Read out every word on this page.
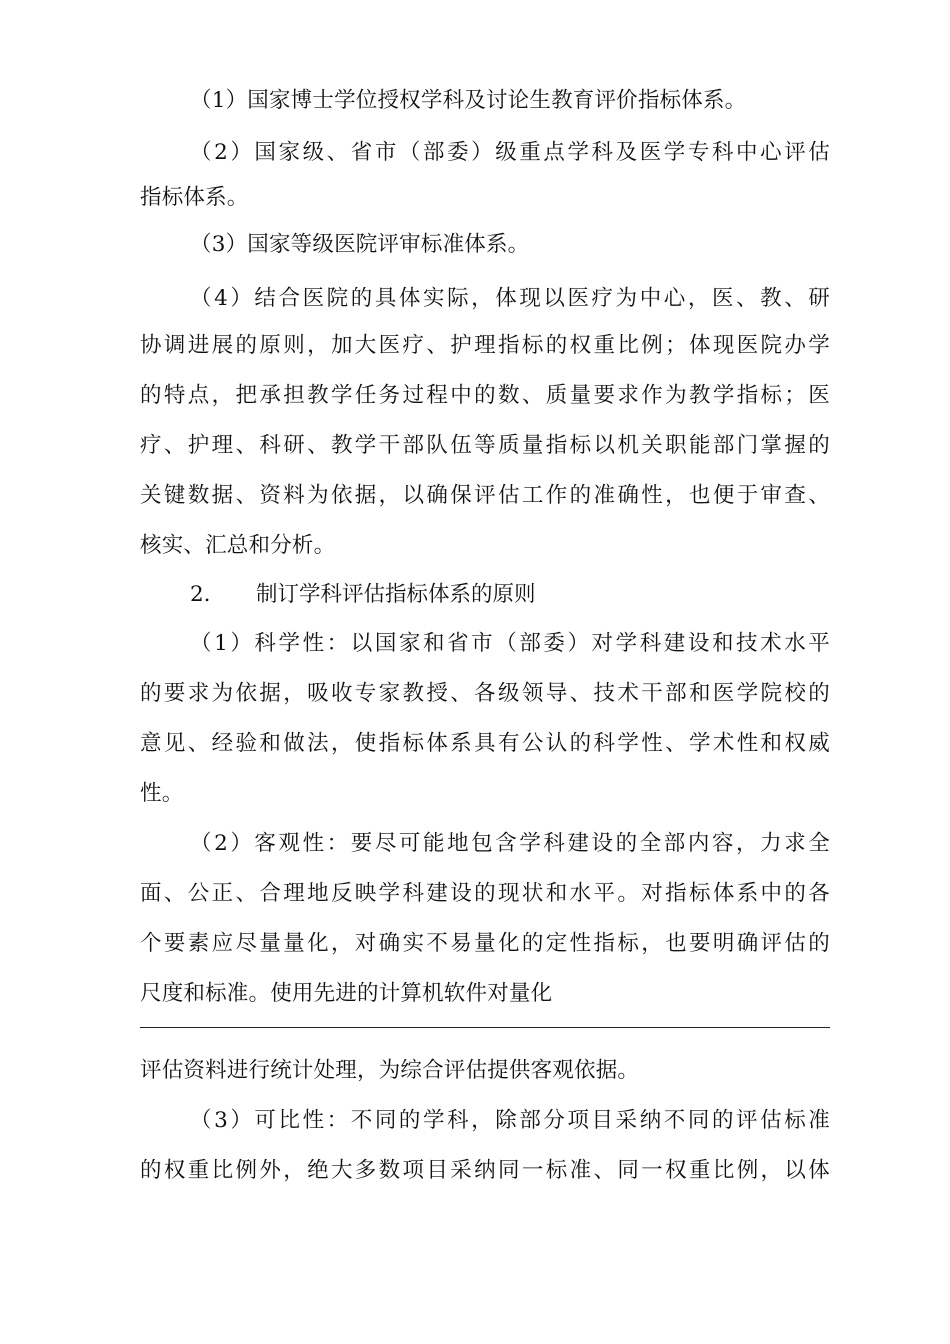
（1）国家博士学位授权学科及讨论生教育评价指标体系。
（2）国家级、省市（部委）级重点学科及医学专科中心评估
指标体系。
（3）国家等级医院评审标准体系。
（4）结合医院的具体实际，体现以医疗为中心，医、教、研
协调进展的原则，加大医疗、护理指标的权重比例；体现医院办学
的特点，把承担教学任务过程中的数、质量要求作为教学指标；医
疗、护理、科研、教学干部队伍等质量指标以机关职能部门掌握的
关键数据、资料为依据，以确保评估工作的准确性，也便于审查、
核实、汇总和分析。
2. 制订学科评估指标体系的原则
（1）科学性：以国家和省市（部委）对学科建设和技术水平
的要求为依据，吸收专家教授、各级领导、技术干部和医学院校的
意见、经验和做法，使指标体系具有公认的科学性、学术性和权威
性。
（2）客观性：要尽可能地包含学科建设的全部内容，力求全
面、公正、合理地反映学科建设的现状和水平。对指标体系中的各
个要素应尽量量化，对确实不易量化的定性指标，也要明确评估的
尺度和标准。使用先进的计算机软件对量化
评估资料进行统计处理，为综合评估提供客观依据。
（3）可比性：不同的学科，除部分项目采纳不同的评估标准
的权重比例外，绝大多数项目采纳同一标准、同一权重比例，以体
